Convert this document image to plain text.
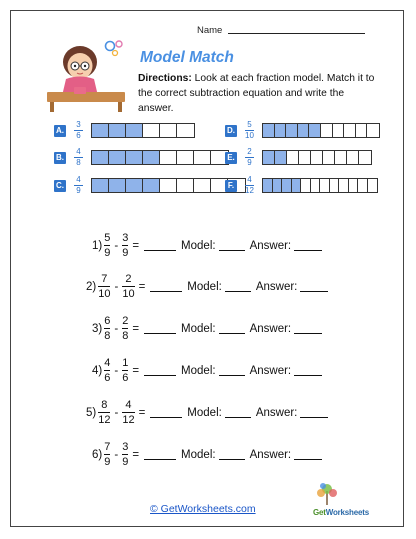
Name
Model Match
Directions: Look at each fraction model. Match it to the correct subtraction equation and write the answer.
A. $\frac{3}{6}$
B. $\frac{4}{8}$
C. $\frac{4}{9}$
D. $\frac{5}{10}$
E. $\frac{2}{9}$
F.	$\frac{4}{12}$
$1) \frac{5}{9} - \frac{3}{9}$ =	Model:	Answer:
$2) \frac{7}{10} - \frac{2}{10}$ =	Model:	Answer:
$3) \frac{6}{8} - \frac{2}{8}$ =	Model:	Answer:
$4) \frac{4}{6} - \frac{1}{6}$ =	Model:	Answer:
$5) \frac{8}{12} - \frac{4}{12}$ =	Model:	Answer:
$6) \frac{7}{9} - \frac{3}{9}$ =	Model:	Answer:
© GetWorksheets.com	GetWorksheets
